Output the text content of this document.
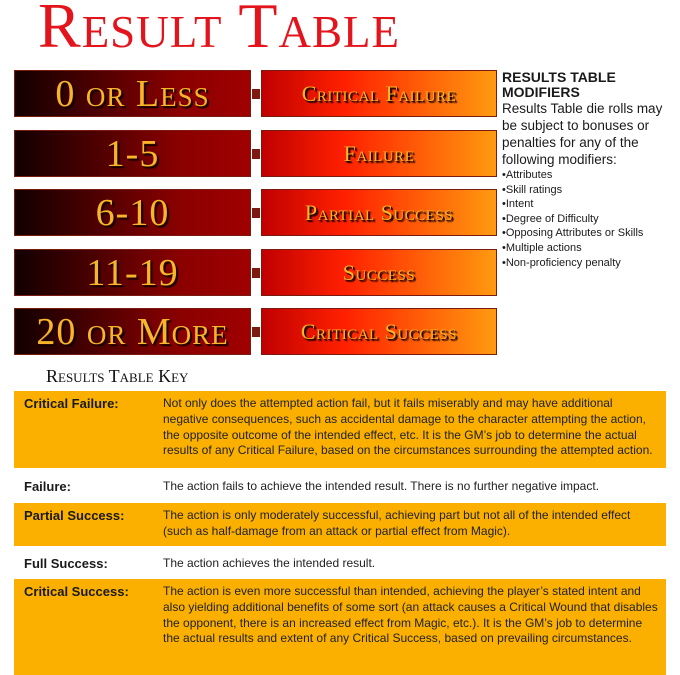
Result Table
0 or Less	Critical Failure
1-5	Failure
6-10	Partial Success
11-19	Success
20 or More	Critical Success
RESULTS TABLE MODIFIERS

Results Table die rolls may be subject to bonuses or penalties for any of the following modifiers:

•Attributes
•Skill ratings
•Intent
•Degree of Difficulty
•Opposing Attributes or Skills
•Multiple actions
•Non-proficiency penalty
Results Table Key
Critical Failure:	Not only does the attempted action fail, but it fails miserably and may have additional negative consequences, such as accidental damage to the character attempting the action, the opposite outcome of the intended effect, etc. It is the GM’s job to determine the actual results of any Critical Failure, based on the circumstances surrounding the attempted action.
Failure:	The action fails to achieve the intended result. There is no further negative impact.
Partial Success:	The action is only moderately successful, achieving part but not all of the intended effect (such as half-damage from an attack or partial effect from Magic).
Full Success:	The action achieves the intended result.
Critical Success:	The action is even more successful than intended, achieving the player’s stated intent and also yielding additional benefits of some sort (an attack causes a Critical Wound that disables the opponent, there is an increased effect from Magic, etc.). It is the GM’s job to determine the actual results and extent of any Critical Success, based on prevailing circumstances.
